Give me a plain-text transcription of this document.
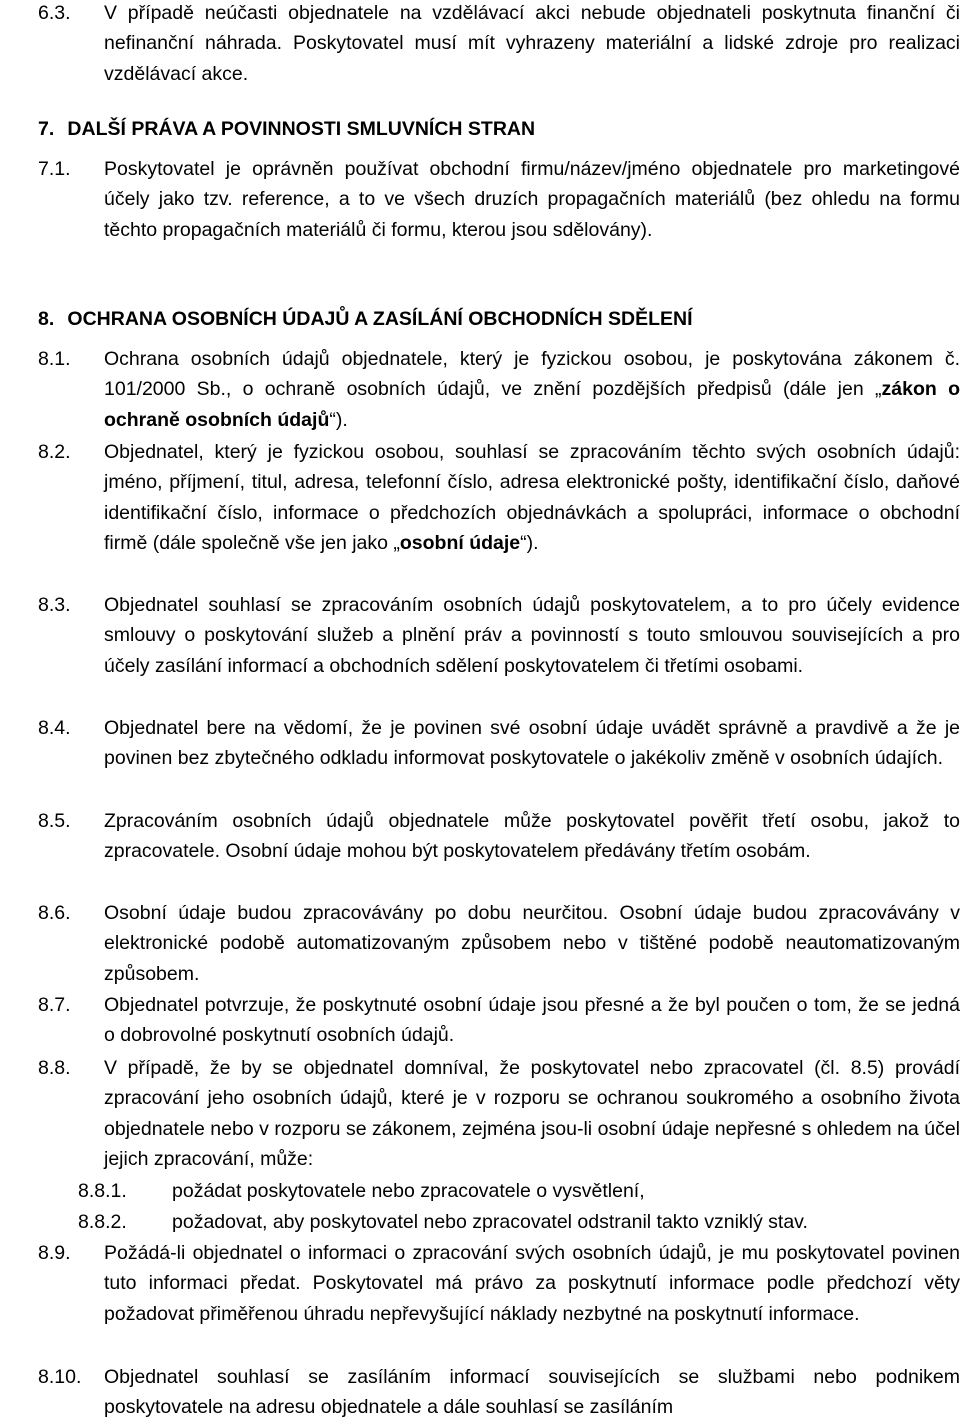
6.3.	V případě neúčasti objednatele na vzdělávací akci nebude objednateli poskytnuta finanční či nefinanční náhrada. Poskytovatel musí mít vyhrazeny materiální a lidské zdroje pro realizaci vzdělávací akce.
7. DALŠÍ PRÁVA A POVINNOSTI SMLUVNÍCH STRAN
7.1.	Poskytovatel je oprávněn používat obchodní firmu/název/jméno objednatele pro marketingové účely jako tzv. reference, a to ve všech druzích propagačních materiálů (bez ohledu na formu těchto propagačních materiálů či formu, kterou jsou sdělovány).
8. OCHRANA OSOBNÍCH ÚDAJŮ A ZASÍLÁNÍ OBCHODNÍCH SDĚLENÍ
8.1.	Ochrana osobních údajů objednatele, který je fyzickou osobou, je poskytována zákonem č. 101/2000 Sb., o ochraně osobních údajů, ve znění pozdějších předpisů (dále jen „zákon o ochraně osobních údajů“).
8.2.	Objednatel, který je fyzickou osobou, souhlasí se zpracováním těchto svých osobních údajů: jméno, příjmení, titul, adresa, telefonní číslo, adresa elektronické pošty, identifikační číslo, daňové identifikační číslo, informace o předchozích objednávkách a spolupráci, informace o obchodní firmě (dále společně vše jen jako „osobní údaje“).
8.3.	Objednatel souhlasí se zpracováním osobních údajů poskytovatelem, a to pro účely evidence smlouvy o poskytování služeb a plnění práv a povinností s touto smlouvou souvisejících a pro účely zasílání informací a obchodních sdělení poskytovatelem či třetími osobami.
8.4.	Objednatel bere na vědomí, že je povinen své osobní údaje uvádět správně a pravdivě a že je povinen bez zbytečného odkladu informovat poskytovatele o jakékoliv změně v osobních údajích.
8.5.	Zpracováním osobních údajů objednatele může poskytovatel pověřit třetí osobu, jakož to zpracovatele. Osobní údaje mohou být poskytovatelem předávány třetím osobám.
8.6.	Osobní údaje budou zpracovávány po dobu neurčitou. Osobní údaje budou zpracovávány v elektronické podobě automatizovaným způsobem nebo v tištěné podobě neautomatizovaným způsobem.
8.7.	Objednatel potvrzuje, že poskytnuté osobní údaje jsou přesné a že byl poučen o tom, že se jedná o dobrovolné poskytnutí osobních údajů.
8.8.	V případě, že by se objednatel domníval, že poskytovatel nebo zpracovatel (čl. 8.5) provádí zpracování jeho osobních údajů, které je v rozporu se ochranou soukromého a osobního života objednatele nebo v rozporu se zákonem, zejména jsou-li osobní údaje nepřesné s ohledem na účel jejich zpracování, může:
8.8.1.	požádat poskytovatele nebo zpracovatele o vysvětlení,
8.8.2.	požadovat, aby poskytovatel nebo zpracovatel odstranil takto vzniklý stav.
8.9.	Požádá-li objednatel o informaci o zpracování svých osobních údajů, je mu poskytovatel povinen tuto informaci předat. Poskytovatel má právo za poskytnutí informace podle předchozí věty požadovat přiměřenou úhradu nepřevyšující náklady nezbytné na poskytnutí informace.
8.10.	Objednatel souhlasí se zasíláním informací souvisejících se službami nebo podnikem poskytovatele na adresu objednatele a dále souhlasí se zasíláním
